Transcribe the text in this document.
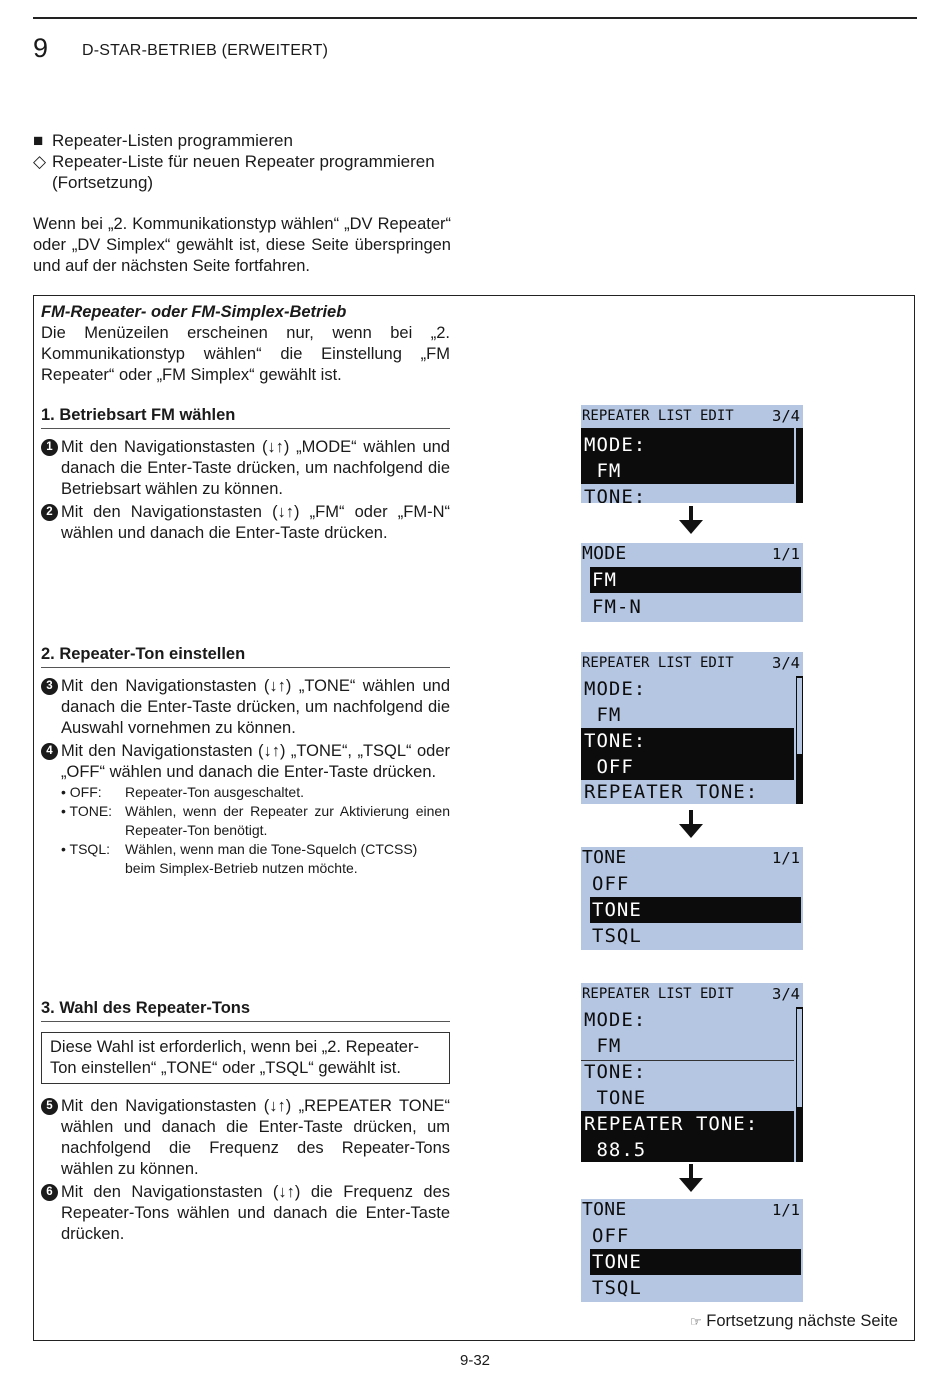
9 D-STAR-BETRIEB (ERWEITERT)
■ Repeater-Listen programmieren
◇ Repeater-Liste für neuen Repeater programmieren
(Fortsetzung)
Wenn bei „2. Kommunikationstyp wählen“ „DV Repeater“ oder „DV Simplex“ gewählt ist, diese Seite überspringen und auf der nächsten Seite fortfahren.
FM-Repeater- oder FM-Simplex-Betrieb

Die Menüzeilen erscheinen nur, wenn bei „2. Kommunikationstyp wählen“ die Einstellung „FM Repeater“ oder „FM Simplex“ gewählt ist.

1. Betriebsart FM wählen
1 Mit den Navigationstasten (↓↑) „MODE“ wählen und danach die Enter-Taste drücken, um nachfolgend die Betriebsart wählen zu können.
2 Mit den Navigationstasten (↓↑) „FM“ oder „FM-N“ wählen und danach die Enter-Taste drücken.
2. Repeater-Ton einstellen
3 Mit den Navigationstasten (↓↑) „TONE“ wählen und danach die Enter-Taste drücken, um nachfolgend die Auswahl vornehmen zu können.
4 Mit den Navigationstasten (↓↑) „TONE“, „TSQL“ oder „OFF“ wählen und danach die Enter-Taste drücken.
• OFF: Repeater-Ton ausgeschaltet.
• TONE: Wählen, wenn der Repeater zur Aktivierung einen Repeater-Ton benötigt.
• TSQL: Wählen, wenn man die Tone-Squelch (CTCSS) beim Simplex-Betrieb nutzen möchte.
3. Wahl des Repeater-Tons
Diese Wahl ist erforderlich, wenn bei „2. Repeater-Ton einstellen“ „TONE“ oder „TSQL“ gewählt ist.
5 Mit den Navigationstasten (↓↑) „REPEATER TONE“ wählen und danach die Enter-Taste drücken, um nachfolgend die Frequenz des Repeater-Tons wählen zu können.
6 Mit den Navigationstasten (↓↑) die Frequenz des Repeater-Tons wählen und danach die Enter-Taste drücken.
REPEATER LIST EDIT 3/4
MODE:
FM
TONE:
MODE	1/1
FM
FM-N
REPEATER LIST EDIT 3/4
MODE:
FM
TONE:
OFF
REPEATER TONE:
TONE	1/1
OFF
TONE
TSQL
REPEATER LIST EDIT 3/4
MODE:
FM
TONE:
TONE
REPEATER TONE:
88.5
TONE	1/1
OFF
TONE
TSQL
☞ Fortsetzung nächste Seite
9-32
